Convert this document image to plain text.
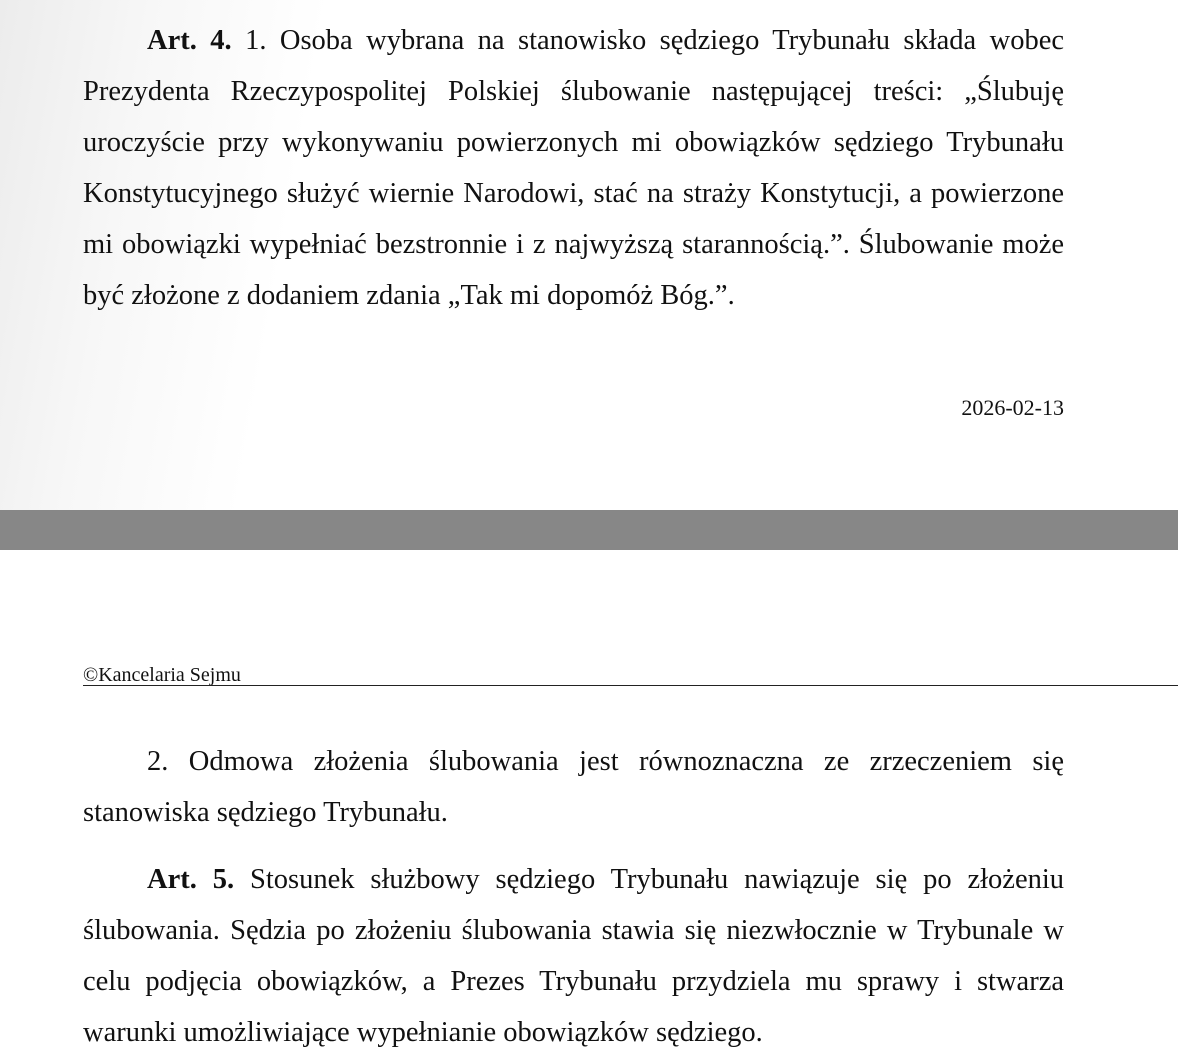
Art. 4. 1. Osoba wybrana na stanowisko sędziego Trybunału składa wobec Prezydenta Rzeczypospolitej Polskiej ślubowanie następującej treści: „Ślubuję uroczyście przy wykonywaniu powierzonych mi obowiązków sędziego Trybunału Konstytucyjnego służyć wiernie Narodowi, stać na straży Konstytucji, a powierzone mi obowiązki wypełniać bezstronnie i z najwyższą starannością.”. Ślubowanie może być złożone z dodaniem zdania „Tak mi dopomóż Bóg.”.

2026-02-13
©Kancelaria Sejmu

2. Odmowa złożenia ślubowania jest równoznaczna ze zrzeczeniem się stanowiska sędziego Trybunału.

Art. 5. Stosunek służbowy sędziego Trybunału nawiązuje się po złożeniu ślubowania. Sędzia po złożeniu ślubowania stawia się niezwłocznie w Trybunale w celu podjęcia obowiązków, a Prezes Trybunału przydziela mu sprawy i stwarza warunki umożliwiające wypełnianie obowiązków sędziego.
